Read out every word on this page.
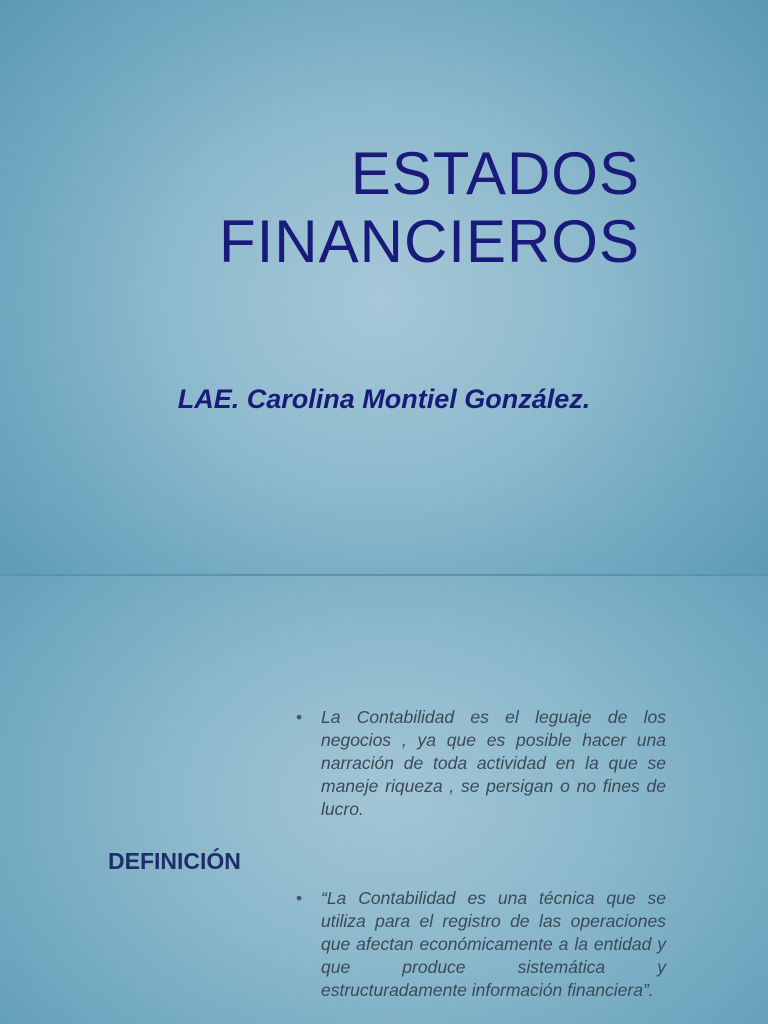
ESTADOS
FINANCIEROS

LAE. Carolina Montiel González.

• La Contabilidad es el leguaje de los negocios , ya que es posible hacer una narración de toda actividad en la que se maneje riqueza , se persigan o no fines de lucro.
• “La Contabilidad es una técnica que se utiliza para el registro de las operaciones que afectan económicamente a la entidad y que produce sistemática y estructuradamente información financiera”.
DEFINICIÓN
